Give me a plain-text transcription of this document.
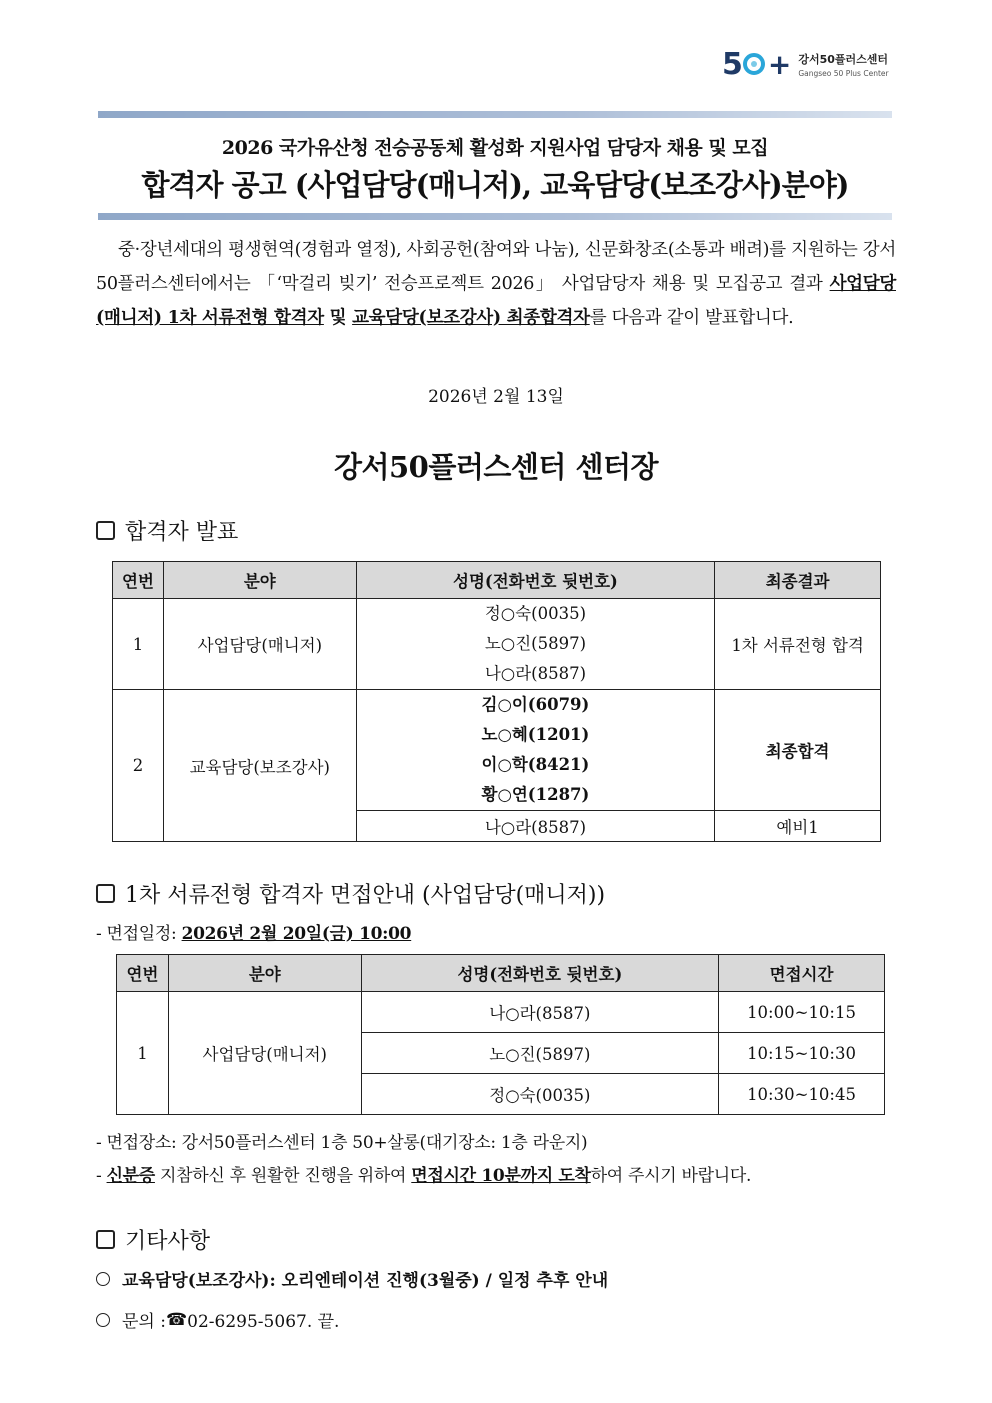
5 + 강서50플러스센터
Gangseo 50 Plus Center
2026 국가유산청 전승공동체 활성화 지원사업 담당자 채용 및 모집
합격자 공고 (사업담당(매니저), 교육담당(보조강사)분야)

중·장년세대의 평생현역(경험과 열정), 사회공헌(참여와 나눔), 신문화창조(소통과 배려)를 지원하는 강서50플러스센터에서는 「‘막걸리 빚기’ 전승프로젝트 2026」 사업담당자 채용 및 모집공고 결과 사업담당(매니저) 1차 서류전형 합격자 및 교육담당(보조강사) 최종합격자를 다음과 같이 발표합니다.

2026년 2월 13일
강서50플러스센터 센터장
합격자 발표
연번	분야	성명(전화번호 뒷번호)	최종결과
1	사업담당(매니저)	정○숙(0035)
노○진(5897)
나○라(8587)	1차 서류전형 합격
2	교육담당(보조강사)	김○이(6079)
노○혜(1201)
이○학(8421)
황○연(1287)	최종합격
		나○라(8587)	예비1
1차 서류전형 합격자 면접안내 (사업담당(매니저))
- 면접일정: 2026년 2월 20일(금) 10:00
연번	분야	성명(전화번호 뒷번호)	면접시간
1	사업담당(매니저)	나○라(8587)	10:00~10:15
		노○진(5897)	10:15~10:30
		정○숙(0035)	10:30~10:45
- 면접장소: 강서50플러스센터 1층 50+살롱(대기장소: 1층 라운지)
- 신분증 지참하신 후 원활한 진행을 위하여 면접시간 10분까지 도착하여 주시기 바랍니다.
기타사항
교육담당(보조강사): 오리엔테이션 진행(3월중) / 일정 추후 안내
문의 : ☎ 02-6295-5067. 끝.
